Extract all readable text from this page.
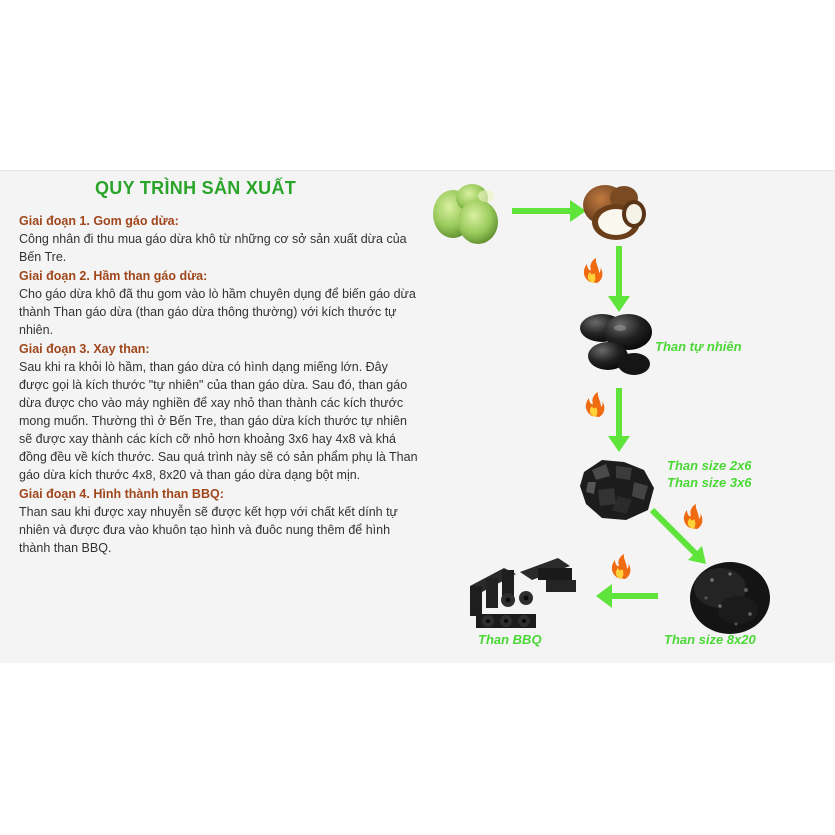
QUY TRÌNH SẢN XUẤT
Giai đoạn 1. Gom gáo dừa:
Công nhân đi thu mua gáo dừa khô từ những cơ sở sản xuất dừa của Bến Tre.
Giai đoạn 2. Hầm than gáo dừa:
Cho gáo dừa khô đã thu gom vào lò hầm chuyên dụng để biến gáo dừa thành Than gáo dừa (than gáo dừa thông thường) với kích thước tự nhiên.
Giai đoạn 3. Xay than:
Sau khi ra khỏi lò hầm, than gáo dừa có hình dạng miếng lớn. Đây được gọi là kích thước "tự nhiên" của than gáo dừa. Sau đó, than gáo dừa được cho vào máy nghiền để xay nhỏ than thành các kích thước mong muốn. Thường thì ở Bến Tre, than gáo dừa kích thước tự nhiên sẽ được xay thành các kích cỡ nhỏ hơn khoảng 3x6 hay 4x8 và khá đồng đều về kích thước. Sau quá trình này sẽ có sản phẩm phụ là Than gáo dừa kích thước 4x8, 8x20 và than gáo dừa dạng bột mịn.
Giai đoạn 4. Hình thành than BBQ:
Than sau khi được xay nhuyễn sẽ được kết hợp với chất kết dính tự nhiên và được đưa vào khuôn tạo hình và đuôc nung thêm để hình thành than BBQ.
Than tự nhiên
Than size 2x6
Than size 3x6
Than size 8x20
Than BBQ
